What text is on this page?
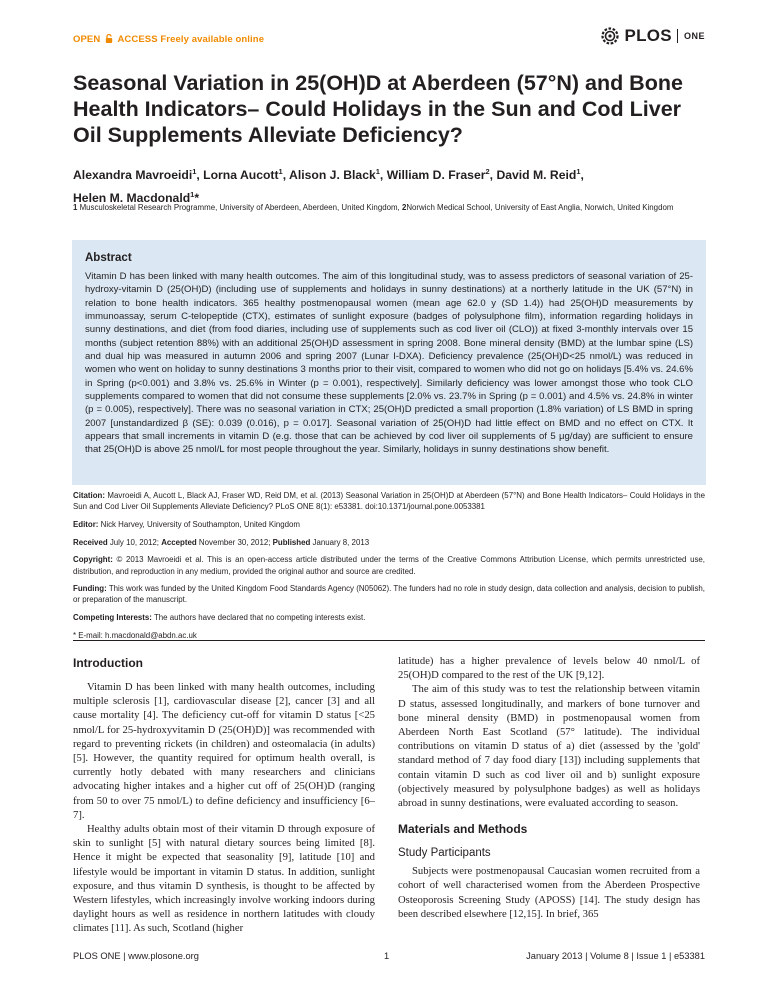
OPEN ACCESS Freely available online	PLOS ONE
Seasonal Variation in 25(OH)D at Aberdeen (57°N) and Bone Health Indicators– Could Holidays in the Sun and Cod Liver Oil Supplements Alleviate Deficiency?
Alexandra Mavroeidi$^1$, Lorna Aucott$^1$, Alison J. Black$^1$, William D. Fraser$^2$, David M. Reid$^1$,
Helen M. Macdonald$^1$*
1 Musculoskeletal Research Programme, University of Aberdeen, Aberdeen, United Kingdom, 2Norwich Medical School, University of East Anglia, Norwich, United Kingdom
Abstract

Vitamin D has been linked with many health outcomes. The aim of this longitudinal study, was to assess predictors of seasonal variation of 25-hydroxy-vitamin D (25(OH)D) (including use of supplements and holidays in sunny destinations) at a northerly latitude in the UK (57°N) in relation to bone health indicators. 365 healthy postmenopausal women (mean age 62.0 y (SD 1.4)) had 25(OH)D measurements by immunoassay, serum C-telopeptide (CTX), estimates of sunlight exposure (badges of polysulphone film), information regarding holidays in sunny destinations, and diet (from food diaries, including use of supplements such as cod liver oil (CLO)) at fixed 3-monthly intervals over 15 months (subject retention 88%) with an additional 25(OH)D assessment in spring 2008. Bone mineral density (BMD) at the lumbar spine (LS) and dual hip was measured in autumn 2006 and spring 2007 (Lunar I-DXA). Deficiency prevalence (25(OH)D<25 nmol/L) was reduced in women who went on holiday to sunny destinations 3 months prior to their visit, compared to women who did not go on holidays [5.4% vs. 24.6% in Spring (p<0.001) and 3.8% vs. 25.6% in Winter (p = 0.001), respectively]. Similarly deficiency was lower amongst those who took CLO supplements compared to women that did not consume these supplements [2.0% vs. 23.7% in Spring (p = 0.001) and 4.5% vs. 24.8% in winter (p = 0.005), respectively]. There was no seasonal variation in CTX; 25(OH)D predicted a small proportion (1.8% variation) of LS BMD in spring 2007 [unstandardized β (SE): 0.039 (0.016), p = 0.017]. Seasonal variation of 25(OH)D had little effect on BMD and no effect on CTX. It appears that small increments in vitamin D (e.g. those that can be achieved by cod liver oil supplements of 5 μg/day) are sufficient to ensure that 25(OH)D is above 25 nmol/L for most people throughout the year. Similarly, holidays in sunny destinations show benefit.

Citation: Mavroeidi A, Aucott L, Black AJ, Fraser WD, Reid DM, et al. (2013) Seasonal Variation in 25(OH)D at Aberdeen (57°N) and Bone Health Indicators– Could Holidays in the Sun and Cod Liver Oil Supplements Alleviate Deficiency? PLoS ONE 8(1): e53381. doi:10.1371/journal.pone.0053381

Editor: Nick Harvey, University of Southampton, United Kingdom

Received July 10, 2012; Accepted November 30, 2012; Published January 8, 2013

Copyright: © 2013 Mavroeidi et al. This is an open-access article distributed under the terms of the Creative Commons Attribution License, which permits unrestricted use, distribution, and reproduction in any medium, provided the original author and source are credited.

Funding: This work was funded by the United Kingdom Food Standards Agency (N05062). The funders had no role in study design, data collection and analysis, decision to publish, or preparation of the manuscript.

Competing Interests: The authors have declared that no competing interests exist.

* E-mail: h.macdonald@abdn.ac.uk

Introduction

Vitamin D has been linked with many health outcomes, including multiple sclerosis [1], cardiovascular disease [2], cancer [3] and all cause mortality [4]. The deficiency cut-off for vitamin D status [<25 nmol/L for 25-hydroxyvitamin D (25(OH)D)] was recommended with regard to preventing rickets (in children) and osteomalacia (in adults) [5]. However, the quantity required for optimum health overall, is currently hotly debated with many researchers and clinicians advocating higher intakes and a higher cut off of 25(OH)D (ranging from 50 to over 75 nmol/L) to define deficiency and insufficiency [6–7].

Healthy adults obtain most of their vitamin D through exposure of skin to sunlight [5] with natural dietary sources being limited [8]. Hence it might be expected that seasonality [9], latitude [10] and lifestyle would be important in vitamin D status. In addition, sunlight exposure, and thus vitamin D synthesis, is thought to be affected by Western lifestyles, which increasingly involve working indoors during daylight hours as well as residence in northern latitudes with cloudy climates [11]. As such, Scotland (higher

latitude) has a higher prevalence of levels below 40 nmol/L of 25(OH)D compared to the rest of the UK [9,12].

The aim of this study was to test the relationship between vitamin D status, assessed longitudinally, and markers of bone turnover and bone mineral density (BMD) in postmenopausal women from Aberdeen North East Scotland (57° latitude). The individual contributions on vitamin D status of a) diet (assessed by the 'gold' standard method of 7 day food diary [13]) including supplements that contain vitamin D such as cod liver oil and b) sunlight exposure (objectively measured by polysulphone badges) as well as holidays abroad in sunny destinations, were evaluated according to season.

Materials and Methods
Study Participants

Subjects were postmenopausal Caucasian women recruited from a cohort of well characterised women from the Aberdeen Prospective Osteoporosis Screening Study (APOSS) [14]. The study design has been described elsewhere [12,15]. In brief, 365

PLOS ONE | www.plosone.org	1	January 2013 | Volume 8 | Issue 1 | e53381
